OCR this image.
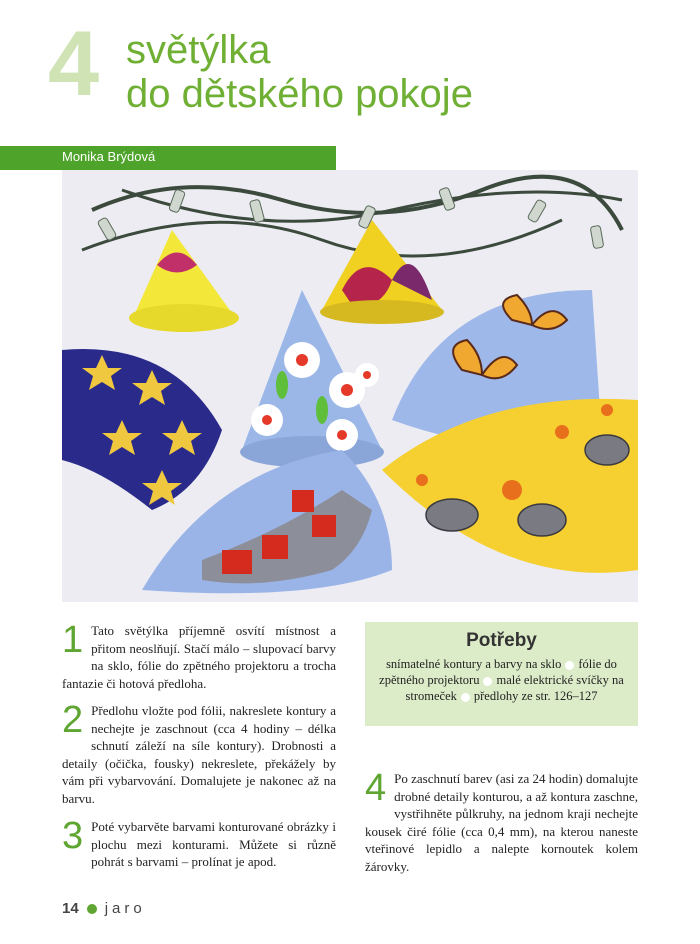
4 světýlka
do dětského pokoje
Monika Brýdová
1 Tato světýlka příjemně osvítí místnost a přitom neoslňují. Stačí málo – slupovací barvy na sklo, fólie do zpětného projektoru a trocha fantazie či hotová předloha.
2 Předlohu vložte pod fólii, nakreslete kontury a nechejte je zaschnout (cca 4 hodiny – délka schnutí záleží na síle kontury). Drobnosti a detaily (očička, fousky) nekreslete, překážely by vám při vybarvování. Domalujete je nakonec až na barvu.
3 Poté vybarvěte barvami konturované obrázky i plochu mezi konturami. Můžete si různě pohrát s barvami – prolínat je apod.
Potřeby
snímatelné kontury a barvy na sklo fólie do zpětného projektoru malé elektrické svíčky na stromeček předlohy ze str. 126–127
4 Po zaschnutí barev (asi za 24 hodin) domalujte drobné detaily konturou, a až kontura zaschne, vystřihněte půlkruhy, na jednom kraji nechejte kousek čiré fólie (cca 0,4 mm), na kterou naneste vteřinové lepidlo a nalepte kornoutek kolem žárovky.
14 jaro
